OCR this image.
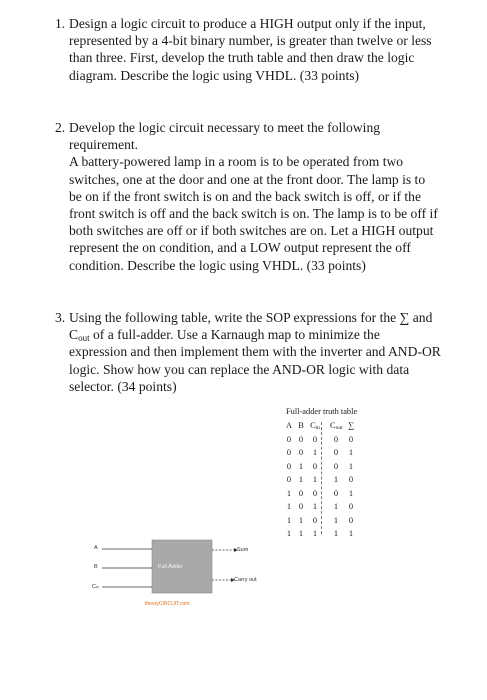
1. Design a logic circuit to produce a HIGH output only if the input, represented by a 4-bit binary number, is greater than twelve or less than three. First, develop the truth table and then draw the logic diagram. Describe the logic using VHDL. (33 points)

2. Develop the logic circuit necessary to meet the following requirement.

A battery-powered lamp in a room is to be operated from two switches, one at the door and one at the front door. The lamp is to be on if the front switch is on and the back switch is off, or if the front switch is off and the back switch is on. The lamp is to be off if both switches are off or if both switches are on. Let a HIGH output represent the on condition, and a LOW output represent the off condition. Describe the logic using VHDL. (33 points)

3. Using the following table, write the SOP expressions for the ∑ and $C_{out}$ of a full-adder. Use a Karnaugh map to minimize the expression and then implement them with the inverter and AND-OR logic. Show how you can replace the AND-OR logic with data selector. (34 points)

Full-adder truth table
A B Cin Cout ∑
0 0	0	0	0
0 0	1	0	1
0 1	0	0	1
0 1	1	1	0
1 0	0	0	1
1 0	1	1	0
1 1	0	1	0
1 1	1	1	1
Full Adder
A
B
Cᵢₙ
Sum
Carry out
theoryCIRCUIT.com
